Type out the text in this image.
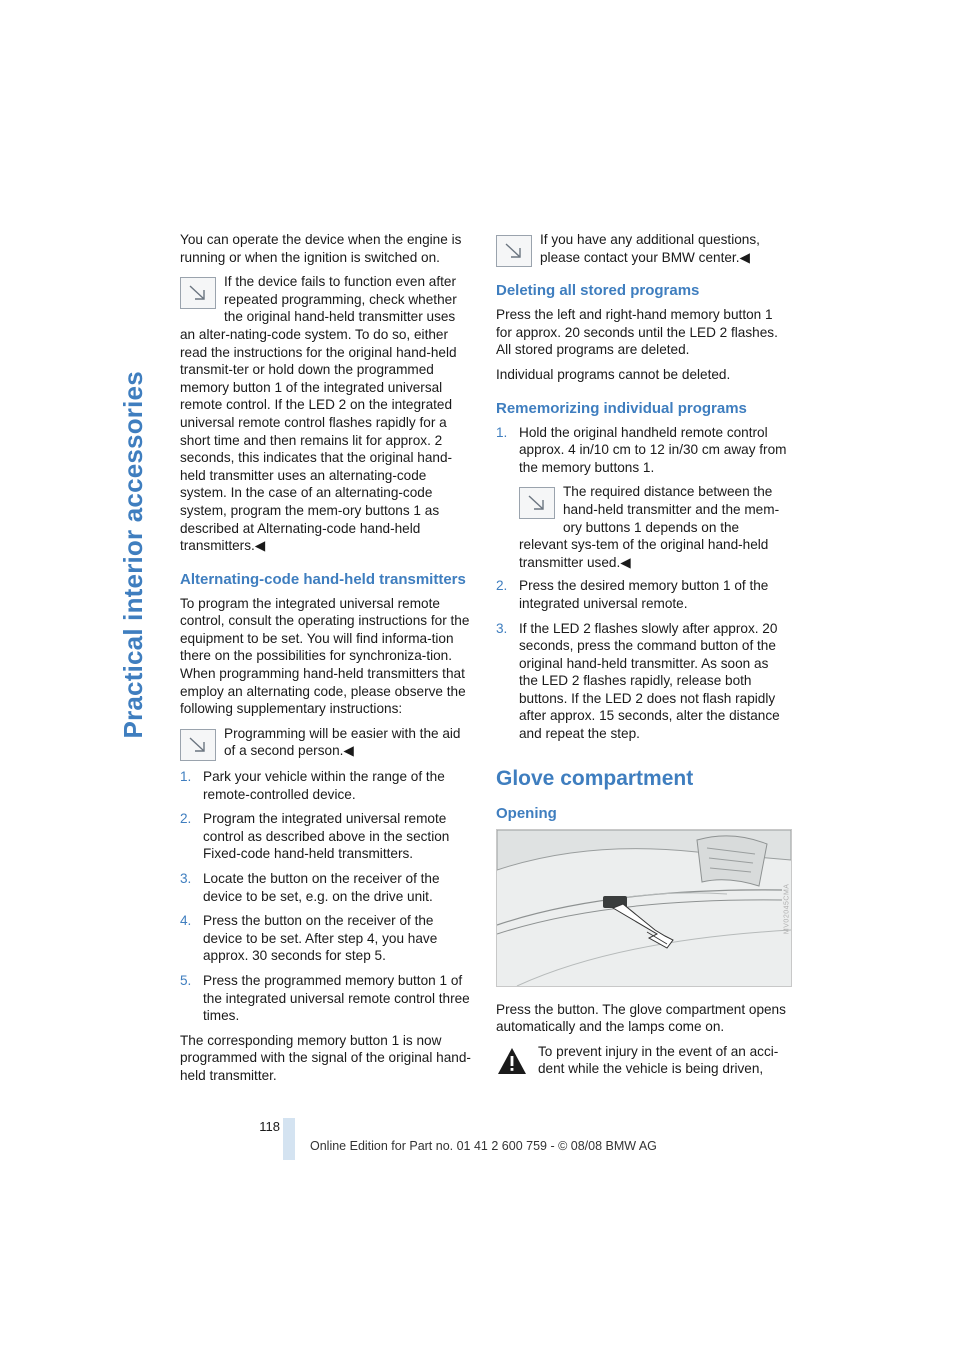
Practical interior accessories

You can operate the device when the engine is running or when the ignition is switched on.

If the device fails to function even after repeated programming, check whether the original hand-held transmitter uses an alter-nating-code system. To do so, either read the instructions for the original hand-held transmit-ter or hold down the programmed memory button 1 of the integrated universal remote control. If the LED 2 on the integrated universal remote control flashes rapidly for a short time and then remains lit for approx. 2 seconds, this indicates that the original hand-held transmitter uses an alternating-code system. In the case of an alternating-code system, program the mem-ory buttons 1 as described at Alternating-code hand-held transmitters.◀

Alternating-code hand-held transmitters

To program the integrated universal remote control, consult the operating instructions for the equipment to be set. You will find informa-tion there on the possibilities for synchroniza-tion.

When programming hand-held transmitters that employ an alternating code, please observe the following supplementary instructions:

Programming will be easier with the aid of a second person.◀

1. Park your vehicle within the range of the remote-controlled device.
2. Program the integrated universal remote control as described above in the section Fixed-code hand-held transmitters.
3. Locate the button on the receiver of the device to be set, e.g. on the drive unit.
4. Press the button on the receiver of the device to be set. After step 4, you have approx. 30 seconds for step 5.
5. Press the programmed memory button 1 of the integrated universal remote control three times.

The corresponding memory button 1 is now programmed with the signal of the original hand-held transmitter.

If you have any additional questions, please contact your BMW center.◀

Deleting all stored programs

Press the left and right-hand memory button 1 for approx. 20 seconds until the LED 2 flashes. All stored programs are deleted.

Individual programs cannot be deleted.

Rememorizing individual programs
1. Hold the original handheld remote control approx. 4 in/10 cm to 12 in/30 cm away from the memory buttons 1.

The required distance between the hand-held transmitter and the mem-ory buttons 1 depends on the relevant sys-tem of the original hand-held transmitter used.◀

2. Press the desired memory button 1 of the integrated universal remote.
3. If the LED 2 flashes slowly after approx. 20 seconds, press the command button of the original hand-held transmitter. As soon as the LED 2 flashes rapidly, release both buttons. If the LED 2 does not flash rapidly after approx. 15 seconds, alter the distance and repeat the step.
Glove compartment
Opening
MV02045CMA

Press the button. The glove compartment opens automatically and the lamps come on.

To prevent injury in the event of an acci-dent while the vehicle is being driven,

118
Online Edition for Part no. 01 41 2 600 759 - © 08/08 BMW AG
